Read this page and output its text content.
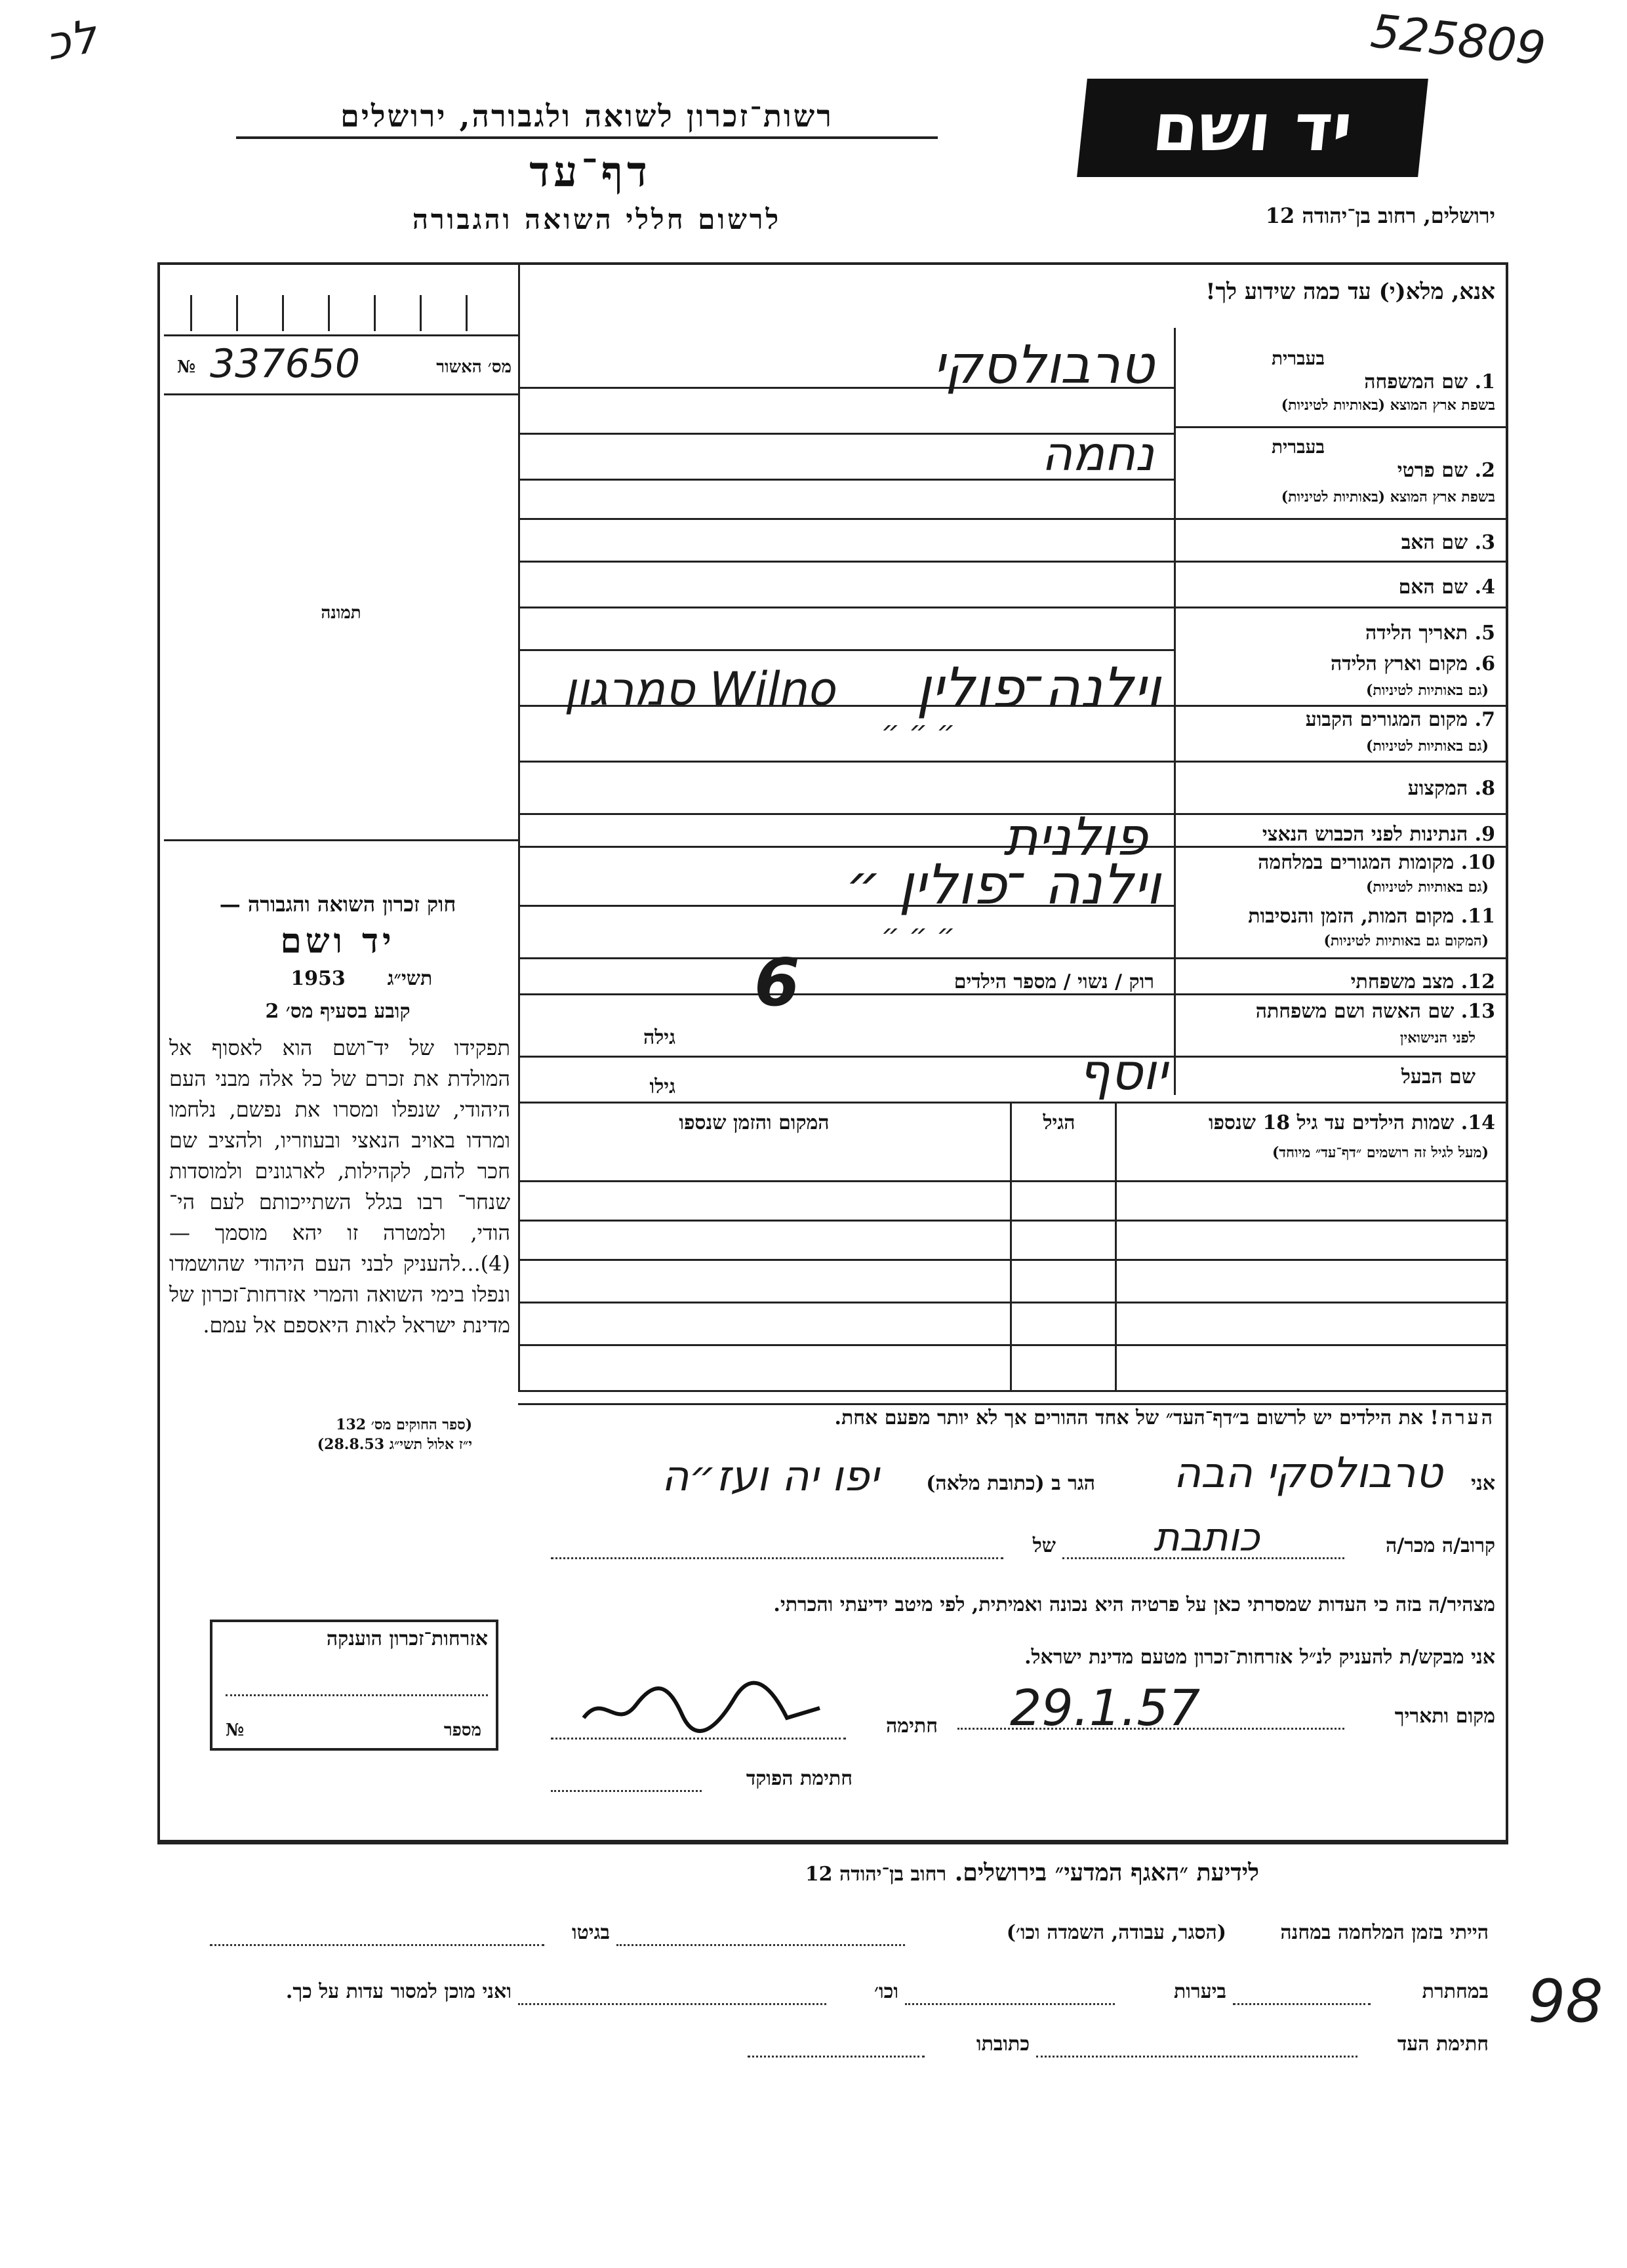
525809
לכ
רשות־זכרון לשואה ולגבורה, ירושלים
דף־עד
לרשום חללי השואה והגבורה
יד ושם
ירושלים, רחוב בן־יהודה 12
אנא, מלא(י) עד כמה שידוע לך!
מס׳ האשור
№ 337650
תמונה
בעברית
1. שם המשפחה
בשפת ארץ המוצא (באותיות לטיניות)
בעברית
2. שם פרטי
בשפת ארץ המוצא (באותיות לטיניות)
3. שם האב
4. שם האם
5. תאריך הלידה
6. מקום וארץ הלידה
(גם באותיות לטיניות)
7. מקום המגורים הקבוע
(גם באותיות לטיניות)
8. המקצוע
9. הנתינות לפני הכבוש הנאצי
10. מקומות המגורים במלחמה
(גם באותיות לטיניות)
11. מקום המות, הזמן והנסיבות
(המקום גם באותיות לטיניות)
12. מצב משפחתי
13. שם האשה ושם משפחתה
לפני הנישואין
שם הבעל
טרבולסקי
נחמה
וילנה־פולין
סמרגון Wilno
״ ״ ״
פולנית
וילנה ־פולין ״
״ ״ ״
רוק / נשוי / מספר הילדים
6
גילה
גילו	יוסף
14. שמות הילדים עד גיל 18 שנספו
(מעל לגיל זה רושמים ״דף־עד״ מיוחד)
הגיל
המקום והזמן שנספו
חוק זכרון השואה והגבורה —
יד ושם
תשי״ג
1953
קובע בסעיף מס׳ 2
תפקידו של יד־ושם הוא לאסוף אל המולדת את זכרם של כל אלה מבני העם היהודי, שנפלו ומסרו את נפשם, נלחמו ומרדו באויב הנאצי ובעוזריו, ולהציב שם חכר להם, לקהילות, לארגונים ולמוסדות שנחר־ רבו בגלל השתייכותם לעם הי־ הודי, ולמטרה זו יהא מוסמך — (4)...להעניק לבני העם היהודי שהושמדו ונפלו בימי השואה והמרי אזרחות־זכרון של מדינת ישראל לאות היאספם אל עמם.
(ספר החוקים מס׳ 132
י״ז אלול תשי״ג 28.8.53)
הערה! את הילדים יש לרשום ב״דף־העד״ של אחד ההורים אך לא יותר מפעם אחת.
אני
טרבולסקי הבה
הגר ב (כתובת מלאה)
יפו יה ועז״ה
קרוב/ה מכר/ה
כותבת
של
מצהיר/ה בזה כי העדות שמסרתי כאן על פרטיה היא נכונה ואמיתית, לפי מיטב ידיעתי והכרתי.
אני מבקש/ת להעניק לנ״ל אזרחות־זכרון מטעם מדינת ישראל.
מקום ותאריך
29.1.57
חתימה
חתימת הפוקד
אזרחות־זכרון הוענקה
מספר
№
לידיעת ״האגף המדעי״ בירושלים. רחוב בן־יהודה 12
הייתי בזמן המלחמה במחנה
(הסגר, עבודה, השמדה וכו׳)
בגיטו
במחתרת
ביערות
וכו׳
ואני מוכן למסור עדות על כך.
חתימת העד
כתובתו
98
